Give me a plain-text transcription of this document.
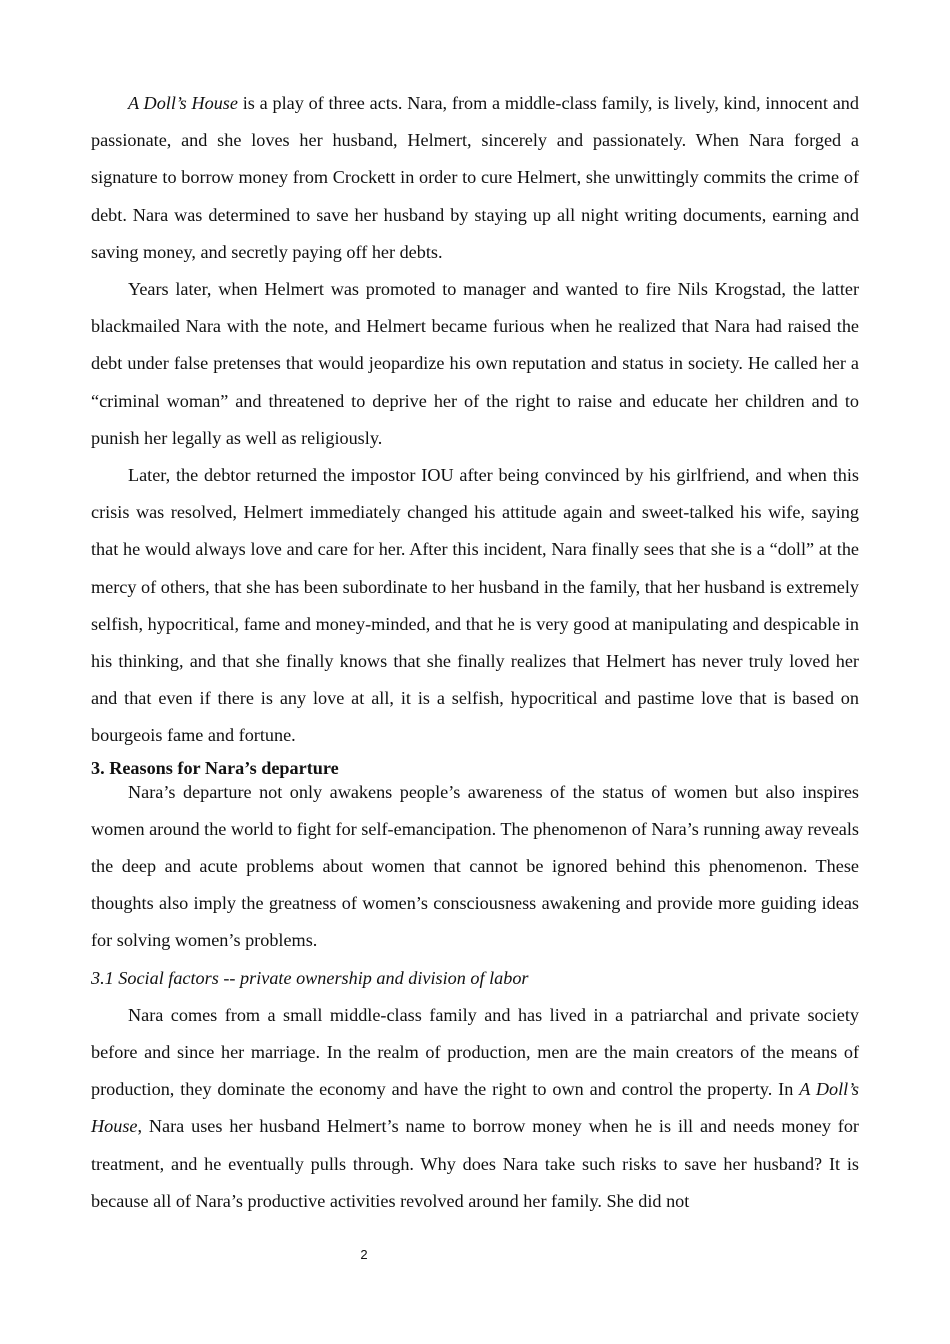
A Doll’s House is a play of three acts. Nara, from a middle-class family, is lively, kind, innocent and passionate, and she loves her husband, Helmert, sincerely and passionately. When Nara forged a signature to borrow money from Crockett in order to cure Helmert, she unwittingly commits the crime of debt. Nara was determined to save her husband by staying up all night writing documents, earning and saving money, and secretly paying off her debts.

Years later, when Helmert was promoted to manager and wanted to fire Nils Krogstad, the latter blackmailed Nara with the note, and Helmert became furious when he realized that Nara had raised the debt under false pretenses that would jeopardize his own reputation and status in society. He called her a “criminal woman” and threatened to deprive her of the right to raise and educate her children and to punish her legally as well as religiously.

Later, the debtor returned the impostor IOU after being convinced by his girlfriend, and when this crisis was resolved, Helmert immediately changed his attitude again and sweet-talked his wife, saying that he would always love and care for her. After this incident, Nara finally sees that she is a “doll” at the mercy of others, that she has been subordinate to her husband in the family, that her husband is extremely selfish, hypocritical, fame and money-minded, and that he is very good at manipulating and despicable in his thinking, and that she finally knows that she finally realizes that Helmert has never truly loved her and that even if there is any love at all, it is a selfish, hypocritical and pastime love that is based on bourgeois fame and fortune.

3. Reasons for Nara’s departure

Nara’s departure not only awakens people’s awareness of the status of women but also inspires women around the world to fight for self-emancipation. The phenomenon of Nara’s running away reveals the deep and acute problems about women that cannot be ignored behind this phenomenon. These thoughts also imply the greatness of women’s consciousness awakening and provide more guiding ideas for solving women’s problems.

3.1 Social factors -- private ownership and division of labor

Nara comes from a small middle-class family and has lived in a patriarchal and private society before and since her marriage. In the realm of production, men are the main creators of the means of production, they dominate the economy and have the right to own and control the property. In A Doll’s House, Nara uses her husband Helmert’s name to borrow money when he is ill and needs money for treatment, and he eventually pulls through. Why does Nara take such risks to save her husband? It is because all of Nara’s productive activities revolved around her family. She did not

2
